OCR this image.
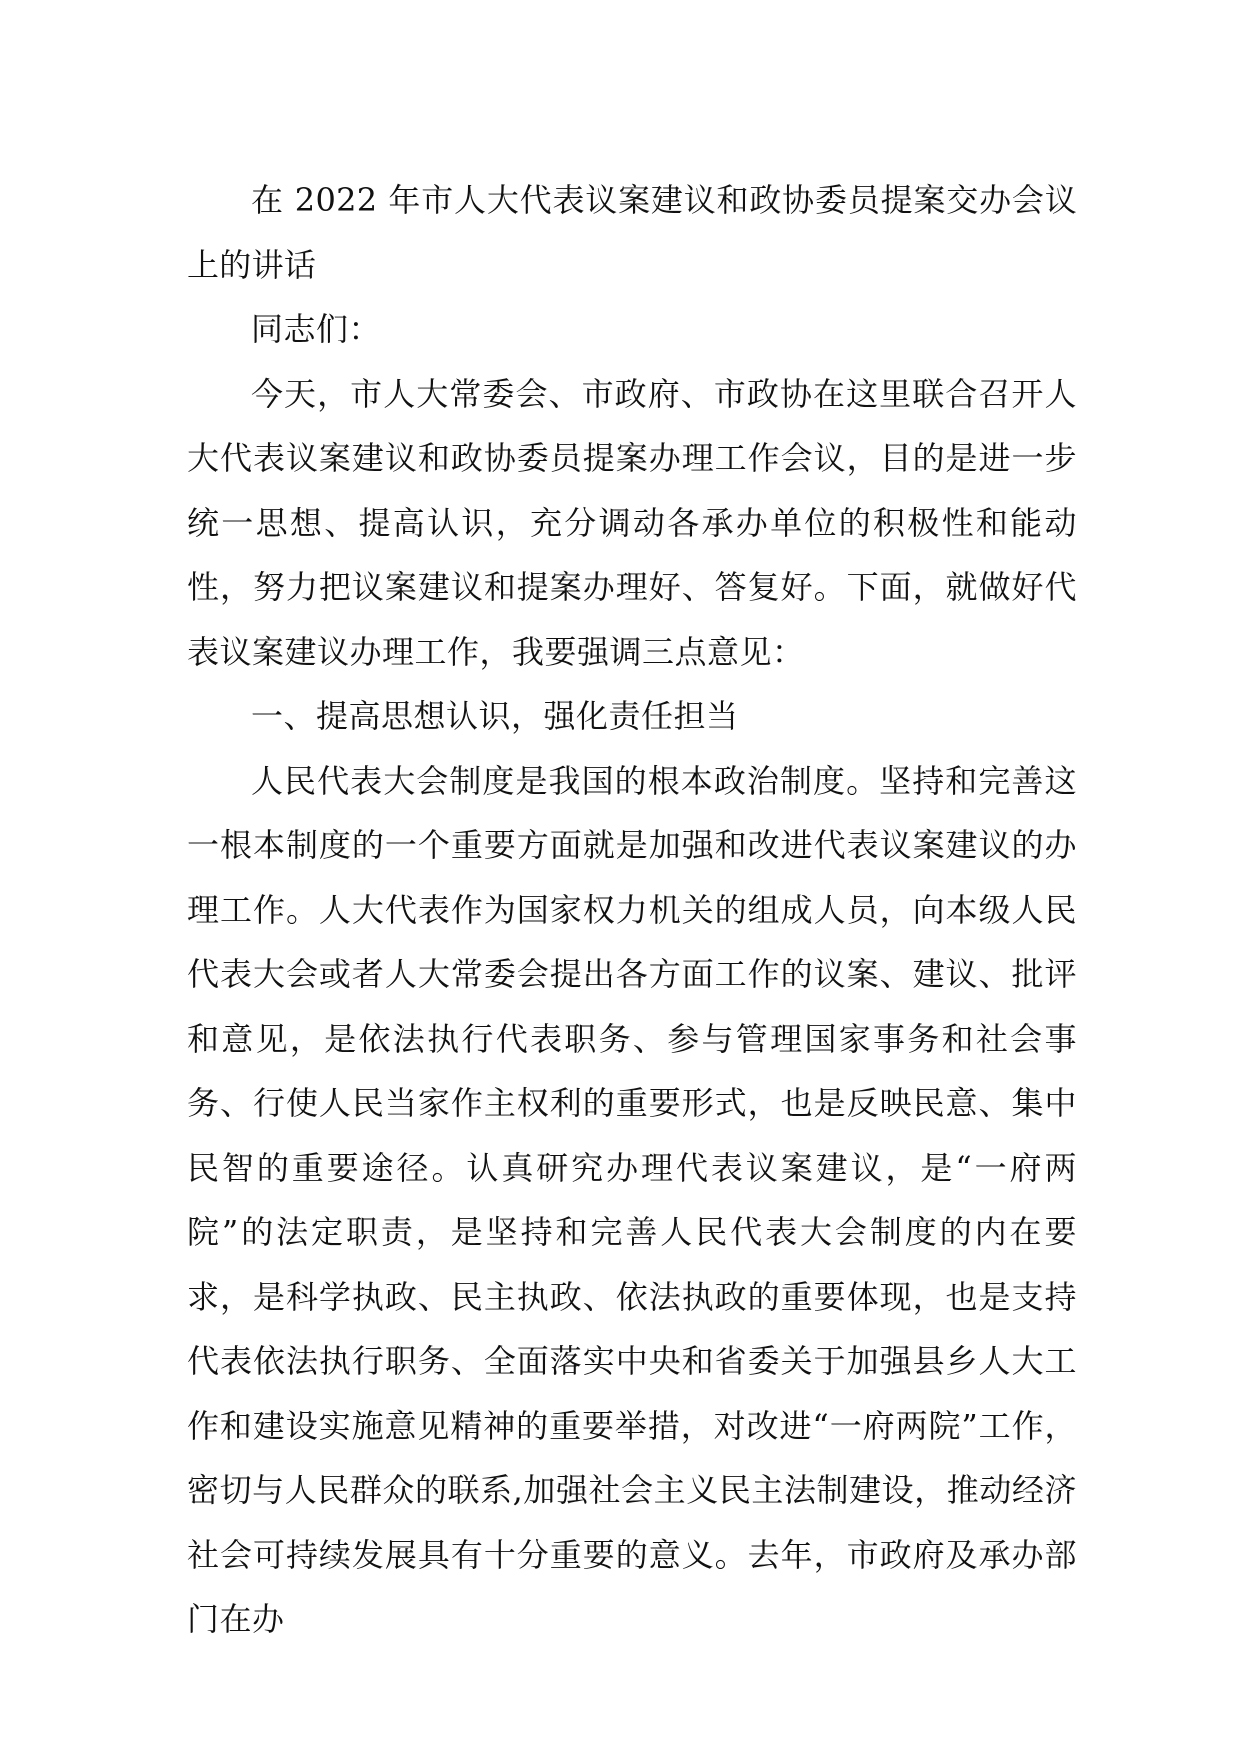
在 2022 年市人大代表议案建议和政协委员提案交办会议上的讲话

同志们：

今天，市人大常委会、市政府、市政协在这里联合召开人大代表议案建议和政协委员提案办理工作会议，目的是进一步统一思想、提高认识，充分调动各承办单位的积极性和能动性，努力把议案建议和提案办理好、答复好。下面，就做好代表议案建议办理工作，我要强调三点意见：

一、提高思想认识，强化责任担当

人民代表大会制度是我国的根本政治制度。坚持和完善这一根本制度的一个重要方面就是加强和改进代表议案建议的办理工作。人大代表作为国家权力机关的组成人员，向本级人民代表大会或者人大常委会提出各方面工作的议案、建议、批评和意见，是依法执行代表职务、参与管理国家事务和社会事务、行使人民当家作主权利的重要形式，也是反映民意、集中民智的重要途径。认真研究办理代表议案建议，是“一府两院”的法定职责，是坚持和完善人民代表大会制度的内在要求，是科学执政、民主执政、依法执政的重要体现，也是支持代表依法执行职务、全面落实中央和省委关于加强县乡人大工作和建设实施意见精神的重要举措，对改进“一府两院”工作，密切与人民群众的联系,加强社会主义民主法制建设，推动经济社会可持续发展具有十分重要的意义。去年，市政府及承办部门在办
